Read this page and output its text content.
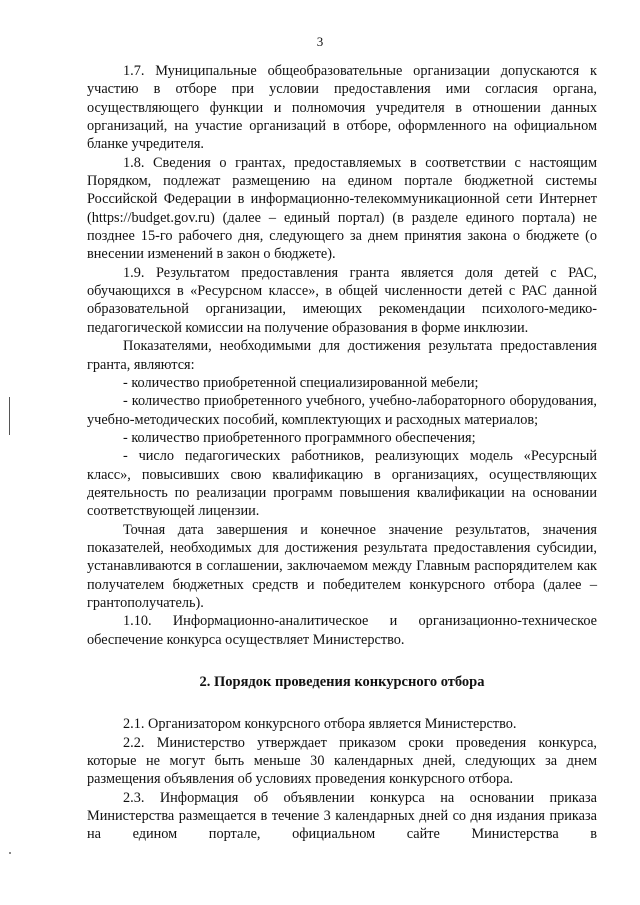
3

1.7. Муниципальные общеобразовательные организации допускаются к участию в отборе при условии предоставления ими согласия органа, осуществляющего функции и полномочия учредителя в отношении данных организаций, на участие организаций в отборе, оформленного на официальном бланке учредителя.

1.8. Сведения о грантах, предоставляемых в соответствии с настоящим Порядком, подлежат размещению на едином портале бюджетной системы Российской Федерации в информационно-телекоммуникационной сети Интернет (https://budget.gov.ru) (далее – единый портал) (в разделе единого портала) не позднее 15-го рабочего дня, следующего за днем принятия закона о бюджете (о внесении изменений в закон о бюджете).

1.9. Результатом предоставления гранта является доля детей с РАС, обучающихся в «Ресурсном классе», в общей численности детей с РАС данной образовательной организации, имеющих рекомендации психолого-медико-педагогической комиссии на получение образования в форме инклюзии.

Показателями, необходимыми для достижения результата предоставления гранта, являются:

- количество приобретенной специализированной мебели;

- количество приобретенного учебного, учебно-лабораторного оборудования, учебно-методических пособий, комплектующих и расходных материалов;

- количество приобретенного программного обеспечения;

- число педагогических работников, реализующих модель «Ресурсный класс», повысивших свою квалификацию в организациях, осуществляющих деятельность по реализации программ повышения квалификации на основании соответствующей лицензии.

Точная дата завершения и конечное значение результатов, значения показателей, необходимых для достижения результата предоставления субсидии, устанавливаются в соглашении, заключаемом между Главным распорядителем как получателем бюджетных средств и победителем конкурсного отбора (далее – грантополучатель).

1.10. Информационно-аналитическое и организационно-техническое обеспечение конкурса осуществляет Министерство.

2. Порядок проведения конкурсного отбора

2.1. Организатором конкурсного отбора является Министерство.

2.2. Министерство утверждает приказом сроки проведения конкурса, которые не могут быть меньше 30 календарных дней, следующих за днем размещения объявления об условиях проведения конкурсного отбора.

2.3. Информация об объявлении конкурса на основании приказа Министерства размещается в течение 3 календарных дней со дня издания приказа на едином портале, официальном сайте Министерства в
